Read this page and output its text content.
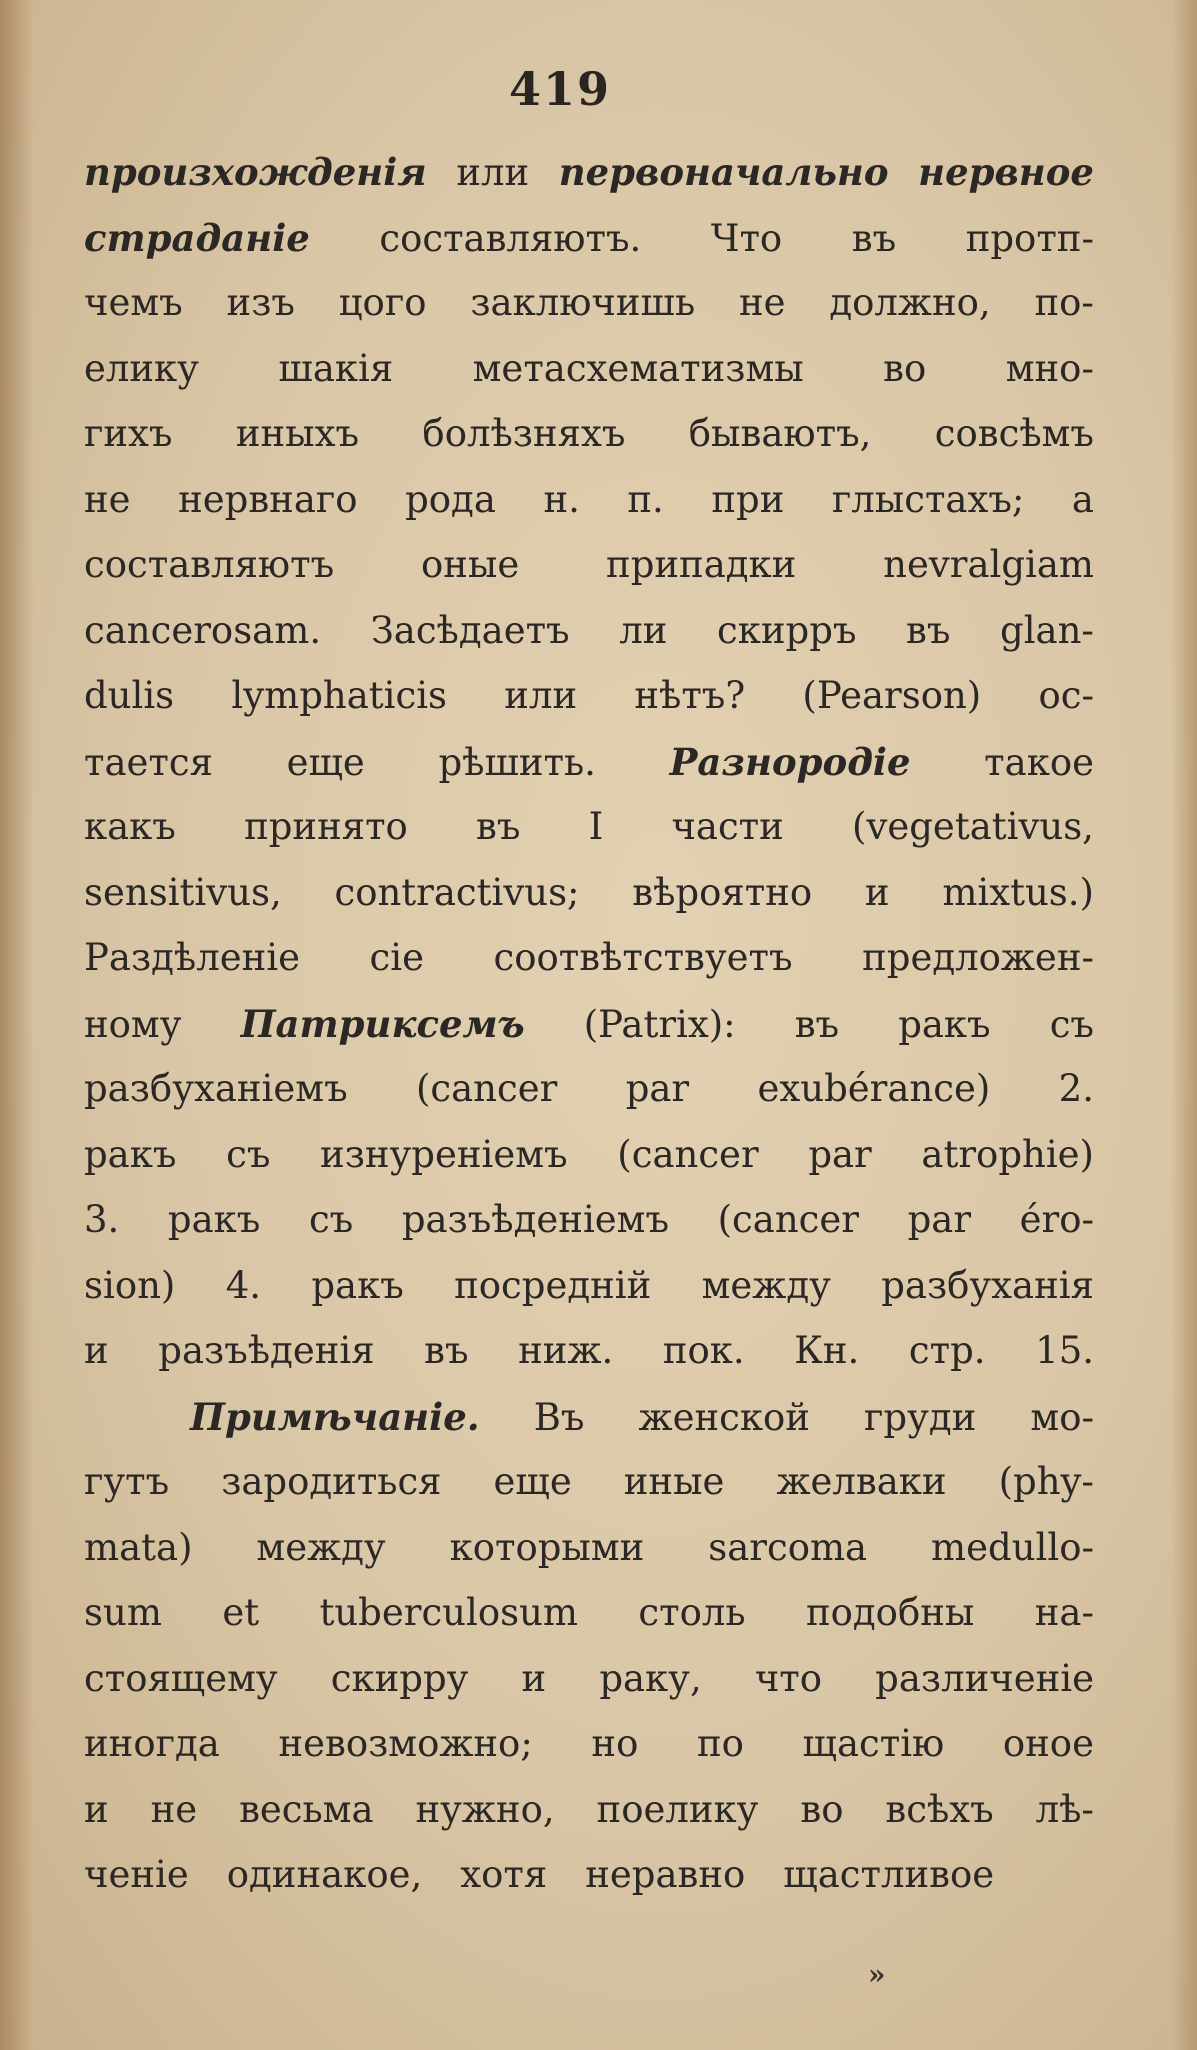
419
произхожденія или первоначально нервное
страданіе составляютъ. Что въ протп-
чемъ изъ цого заключишь не должно, по-
елику шакія метасхематизмы во мно-
гихъ иныхъ болѣзняхъ бываютъ, совсѣмъ
не нервнаго рода н. п. при глыстахъ; а
составляютъ оные припадки nevralgiam
cancerosam. Засѣдаетъ ли скирръ въ glan-
dulis lymphaticis или нѣтъ? (Pearson) ос-
тается еще рѣшить. Разнородіе такое
какъ принято въ I части (vegetativus,
sensitivus, contractivus; вѣроятно и mixtus.)
Раздѣленіе сіе соотвѣтствуетъ предложен-
ному Патриксемъ (Patrix): въ ракъ съ
разбуханіемъ (cancer par exubérance) 2.
ракъ съ изнуреніемъ (cancer par atrophie)
3. ракъ съ разъѣденіемъ (cancer par éro-
sion) 4. ракъ посредній между разбуханія
и разъѣденія въ ниж. пок. Кн. стр. 15.
Примѣчаніе. Въ женской груди мо-
гутъ зародиться еще иные желваки (phy-
mata) между которыми sarcoma medullo-
sum et tuberculosum столь подобны на-
стоящему скирру и раку, что различеніе
иногда невозможно; но по щастію оное
и не весьма нужно, поелику во всѣхъ лѣ-
ченіе одинакое, хотя неравно щастливое
»
